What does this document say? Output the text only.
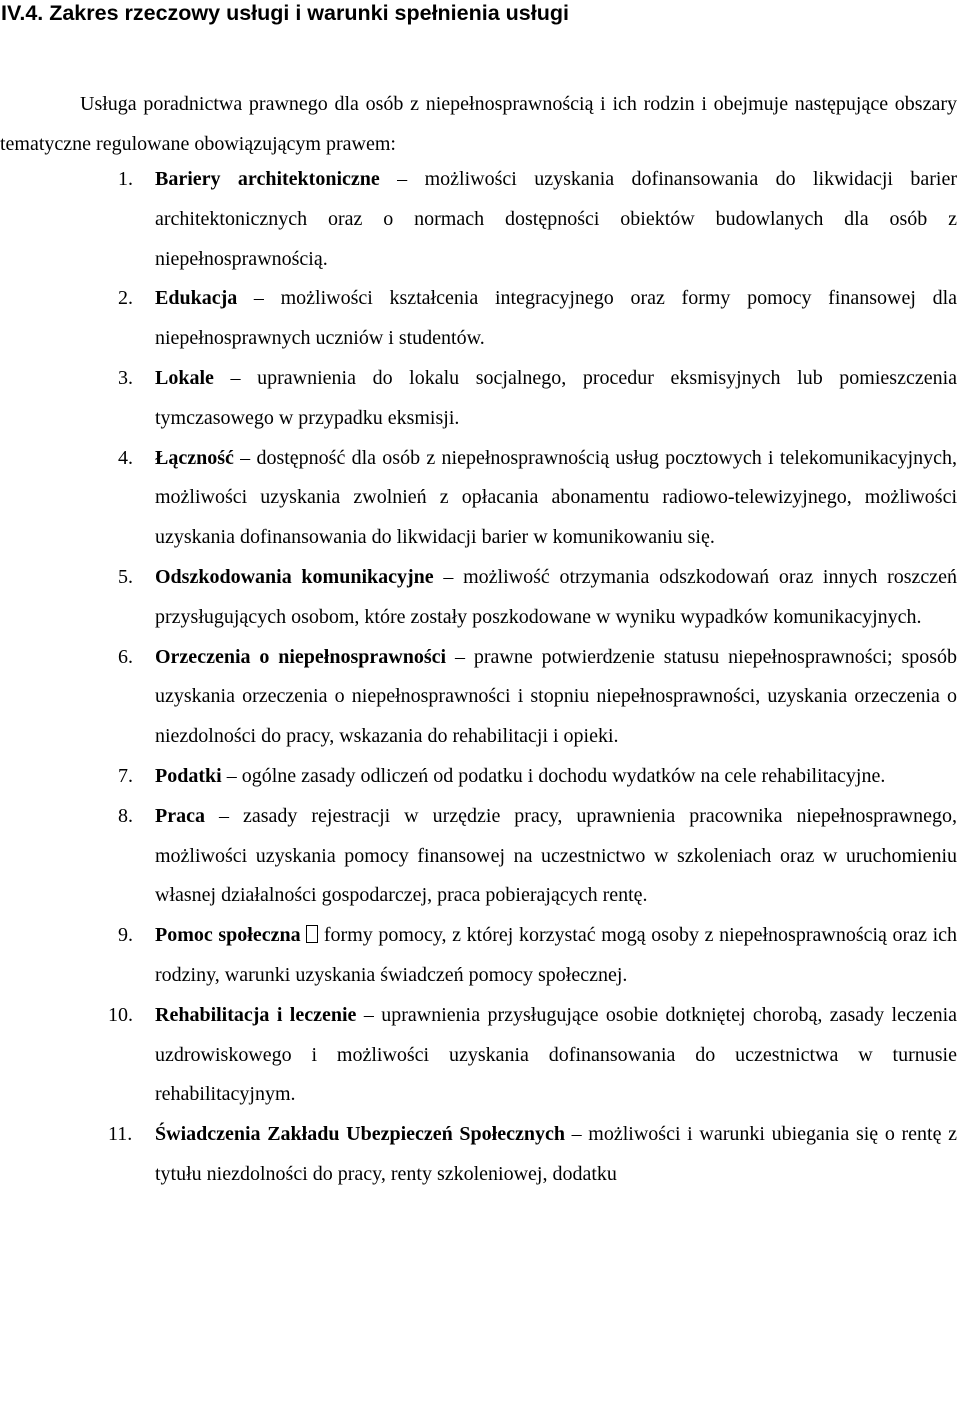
IV.4. Zakres rzeczowy usługi i warunki spełnienia usługi

Usługa poradnictwa prawnego dla osób z niepełnosprawnością i ich rodzin i obejmuje następujące obszary tematyczne regulowane obowiązującym prawem:

1. Bariery architektoniczne – możliwości uzyskania dofinansowania do likwidacji barier architektonicznych oraz o normach dostępności obiektów budowlanych dla osób z niepełnosprawnością.
2. Edukacja – możliwości kształcenia integracyjnego oraz formy pomocy finansowej dla niepełnosprawnych uczniów i studentów.
3. Lokale – uprawnienia do lokalu socjalnego, procedur eksmisyjnych lub pomieszczenia tymczasowego w przypadku eksmisji.
4. Łączność – dostępność dla osób z niepełnosprawnością usług pocztowych i telekomunikacyjnych, możliwości uzyskania zwolnień z opłacania abonamentu radiowo-telewizyjnego, możliwości uzyskania dofinansowania do likwidacji barier w komunikowaniu się.
5. Odszkodowania komunikacyjne – możliwość otrzymania odszkodowań oraz innych roszczeń przysługujących osobom, które zostały poszkodowane w wyniku wypadków komunikacyjnych.
6. Orzeczenia o niepełnosprawności – prawne potwierdzenie statusu niepełnosprawności; sposób uzyskania orzeczenia o niepełnosprawności i stopniu niepełnosprawności, uzyskania orzeczenia o niezdolności do pracy, wskazania do rehabilitacji i opieki.
7. Podatki – ogólne zasady odliczeń od podatku i dochodu wydatków na cele rehabilitacyjne.
8. Praca – zasady rejestracji w urzędzie pracy, uprawnienia pracownika niepełnosprawnego, możliwości uzyskania pomocy finansowej na uczestnictwo w szkoleniach oraz w uruchomieniu własnej działalności gospodarczej, praca pobierających rentę.
9. Pomoc społeczna formy pomocy, z której korzystać mogą osoby z niepełnosprawnością oraz ich rodziny, warunki uzyskania świadczeń pomocy społecznej.
10. Rehabilitacja i leczenie – uprawnienia przysługujące osobie dotkniętej chorobą, zasady leczenia uzdrowiskowego i możliwości uzyskania dofinansowania do uczestnictwa w turnusie rehabilitacyjnym.
11. Świadczenia Zakładu Ubezpieczeń Społecznych – możliwości i warunki ubiegania się o rentę z tytułu niezdolności do pracy, renty szkoleniowej, dodatku
